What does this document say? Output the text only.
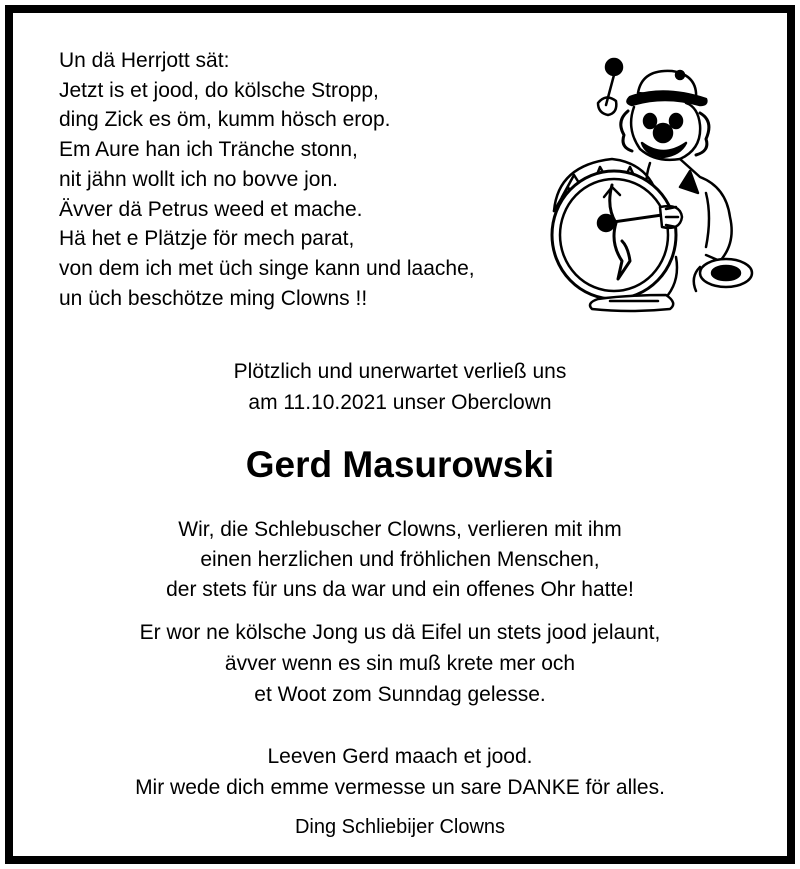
Un dä Herrjott sät:
Jetzt is et jood, do kölsche Stropp,
ding Zick es öm, kumm hösch erop.
Em Aure han ich Tränche stonn,
nit jähn wollt ich no bovve jon.
Ävver dä Petrus weed et mache.
Hä het e Plätzje för mech parat,
von dem ich met üch singe kann und laache,
un üch beschötze ming Clowns !!
Plötzlich und unerwartet verließ uns
am 11.10.2021 unser Oberclown
Gerd Masurowski
Wir, die Schlebuscher Clowns, verlieren mit ihm
einen herzlichen und fröhlichen Menschen,
der stets für uns da war und ein offenes Ohr hatte!
Er wor ne kölsche Jong us dä Eifel un stets jood jelaunt,
ävver wenn es sin muß krete mer och
et Woot zom Sunndag gelesse.
Leeven Gerd maach et jood.
Mir wede dich emme vermesse un sare DANKE för alles.
Ding Schliebijer Clowns
